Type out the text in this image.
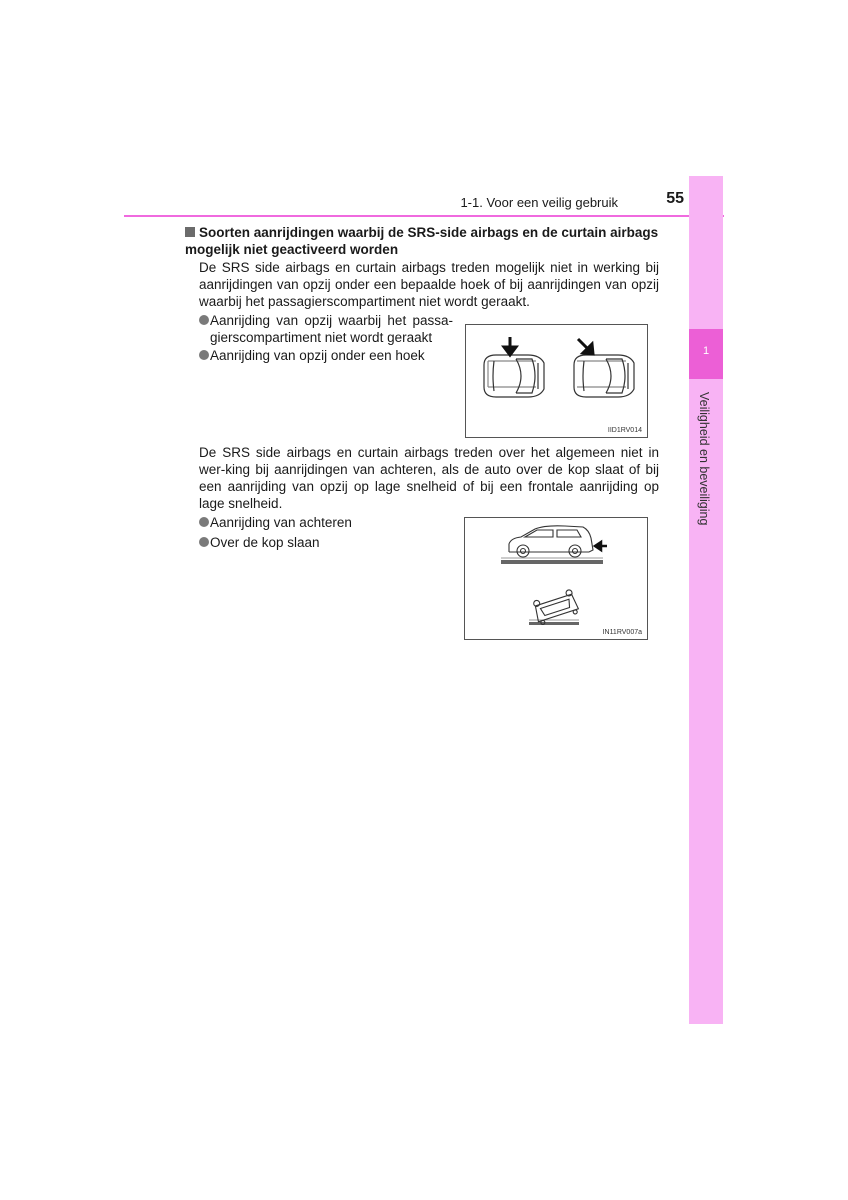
1-1. Voor een veilig gebruik	55
1
Veiligheid en beveiliging
Soorten aanrijdingen waarbij de SRS-side airbags en de curtain airbags mogelijk niet geactiveerd worden
De SRS side airbags en curtain airbags treden mogelijk niet in werking bij aanrijdingen van opzij onder een bepaalde hoek of bij aanrijdingen van opzij waarbij het passagierscompartiment niet wordt geraakt.
Aanrijding van opzij waarbij het passa-gierscompartiment niet wordt geraakt
Aanrijding van opzij onder een hoek
IID1RV014
De SRS side airbags en curtain airbags treden over het algemeen niet in wer-king bij aanrijdingen van achteren, als de auto over de kop slaat of bij een aanrijding van opzij op lage snelheid of bij een frontale aanrijding op lage snelheid.
Aanrijding van achteren
Over de kop slaan
IN11RV007a
